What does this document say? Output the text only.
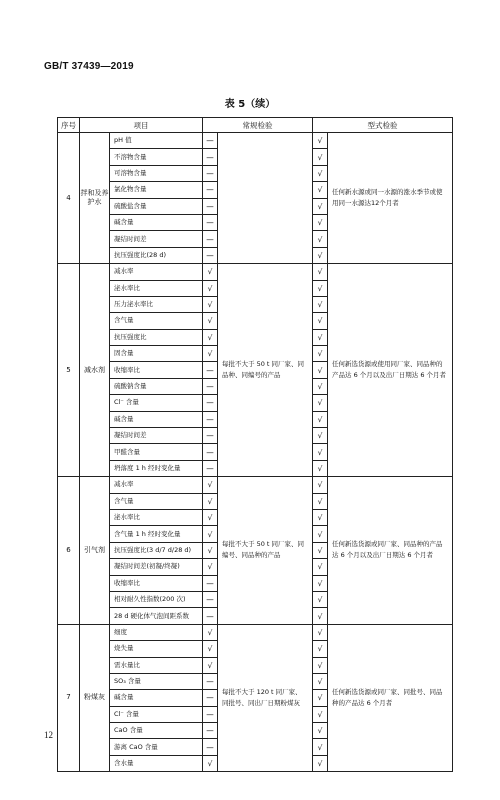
GB/T 37439—2019
表 5（续）
序号	项目		常规检验		型式检验	
4	拌和及养护水	pH 值	—		√	任何新水源或同一水源的涨水季节或使用同一水源达12个月者
		不溶物含量	—		√	
		可溶物含量	—		√	
		氯化物含量	—		√	
		硫酸盐含量	—		√	
		碱含量	—		√	
		凝结时间差	—		√	
		抗压强度比(28 d)	—		√	
5	减水剂	减水率	√	每批不大于 50 t 同厂家、同品种、同编号的产品	√	任何新选货源或使用同厂家、同品种的产品达 6 个月以及出厂日期达 6 个月者
		泌水率比	√		√	
		压力泌水率比	√		√	
		含气量	√		√	
		抗压强度比	√		√	
		固含量	√		√	
		收缩率比	—		√	
		硫酸钠含量	—		√	
		Cl⁻ 含量	—		√	
		碱含量	—		√	
		凝结时间差	—		√	
		甲醛含量	—		√	
		坍落度 1 h 经时变化量	—		√	
6	引气剂	减水率	√	每批不大于 50 t 同厂家、同编号、同品种的产品	√	任何新选货源或同厂家、同品种的产品达 6 个月以及出厂日期达 6 个月者
		含气量	√		√	
		泌水率比	√		√	
		含气量 1 h 经时变化量	√		√	
		抗压强度比(3 d/7 d/28 d)	√		√	
		凝结时间差(初凝/终凝)	√		√	
		收缩率比	—		√	
		相对耐久性指数(200 次)	—		√	
		28 d 硬化体气泡间距系数	—		√	
7	粉煤灰	细度	√	每批不大于 120 t 同厂家、同批号、同出厂日期粉煤灰	√	任何新选货源或同厂家、同批号、同品种的产品达 6 个月者
		烧失量	√		√	
		需水量比	√		√	
		SO₃ 含量	—		√	
		碱含量	—		√	
		Cl⁻ 含量	—		√	
		CaO 含量	—		√	
		游离 CaO 含量	—		√	
		含水量	√		√	
12
